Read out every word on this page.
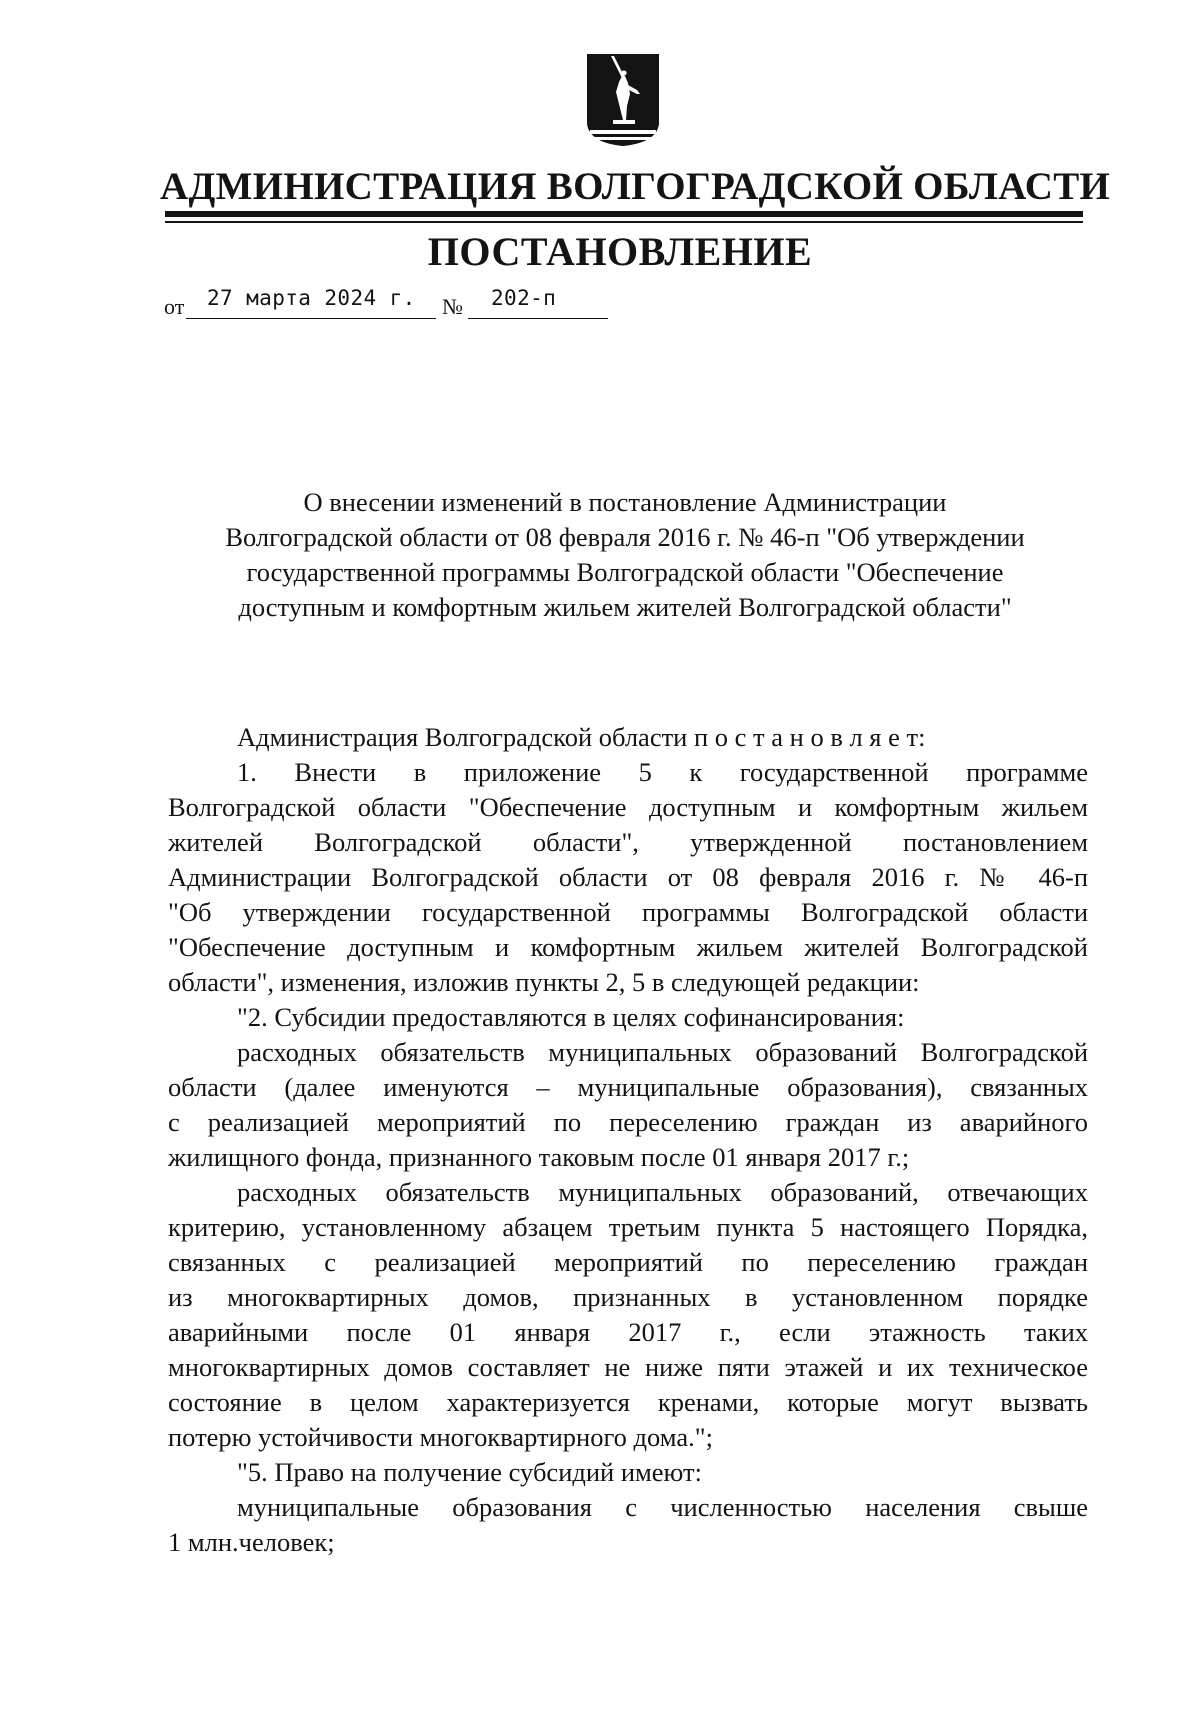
АДМИНИСТРАЦИЯ ВОЛГОГРАДСКОЙ ОБЛАСТИ
ПОСТАНОВЛЕНИЕ
от 27 марта 2024 г. № 202-п
О внесении изменений в постановление Администрации
Волгоградской области от 08 февраля 2016 г. № 46-п "Об утверждении
государственной программы Волгоградской области "Обеспечение
доступным и комфортным жильем жителей Волгоградской области"
Администрация Волгоградской области п о с т а н о в л я е т:
1. Внести в приложение 5 к государственной программе
Волгоградской области "Обеспечение доступным и комфортным жильем
жителей Волгоградской области", утвержденной постановлением
Администрации Волгоградской области от 08 февраля 2016 г. № 46-п
"Об утверждении государственной программы Волгоградской области
"Обеспечение доступным и комфортным жильем жителей Волгоградской
области", изменения, изложив пункты 2, 5 в следующей редакции:
"2. Субсидии предоставляются в целях софинансирования:
расходных обязательств муниципальных образований Волгоградской
области (далее именуются – муниципальные образования), связанных
с реализацией мероприятий по переселению граждан из аварийного
жилищного фонда, признанного таковым после 01 января 2017 г.;
расходных обязательств муниципальных образований, отвечающих
критерию, установленному абзацем третьим пункта 5 настоящего Порядка,
связанных с реализацией мероприятий по переселению граждан
из многоквартирных домов, признанных в установленном порядке
аварийными после 01 января 2017 г., если этажность таких
многоквартирных домов составляет не ниже пяти этажей и их техническое
состояние в целом характеризуется кренами, которые могут вызвать
потерю устойчивости многоквартирного дома.";
"5. Право на получение субсидий имеют:
муниципальные образования с численностью населения свыше
1 млн.человек;
